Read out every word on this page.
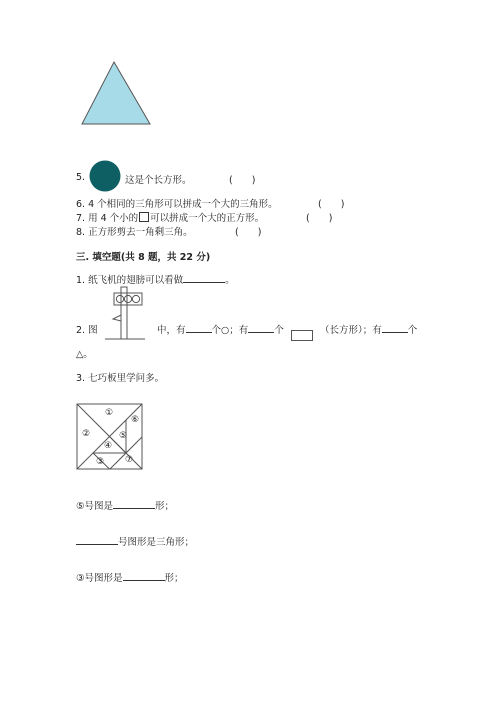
5.	这是个长方形。	(　　)
6. 4 个相同的三角形可以拼成一个大的三角形。	(　　)
7. 用 4 个小的 可以拼成一个大的正方形。	(　　)
8. 正方形剪去一角剩三角。	(　　)
三. 填空题(共 8 题，共 22 分)
1. 纸飞机的翅膀可以看做	。
2. 图	中，有	个○；有	个	（长方形）；有	个
△。
3. 七巧板里学问多。
①
②
③
④
⑤
⑥
⑦
⑤号图是	形；
号图形是三角形；
③号图形是	形；
